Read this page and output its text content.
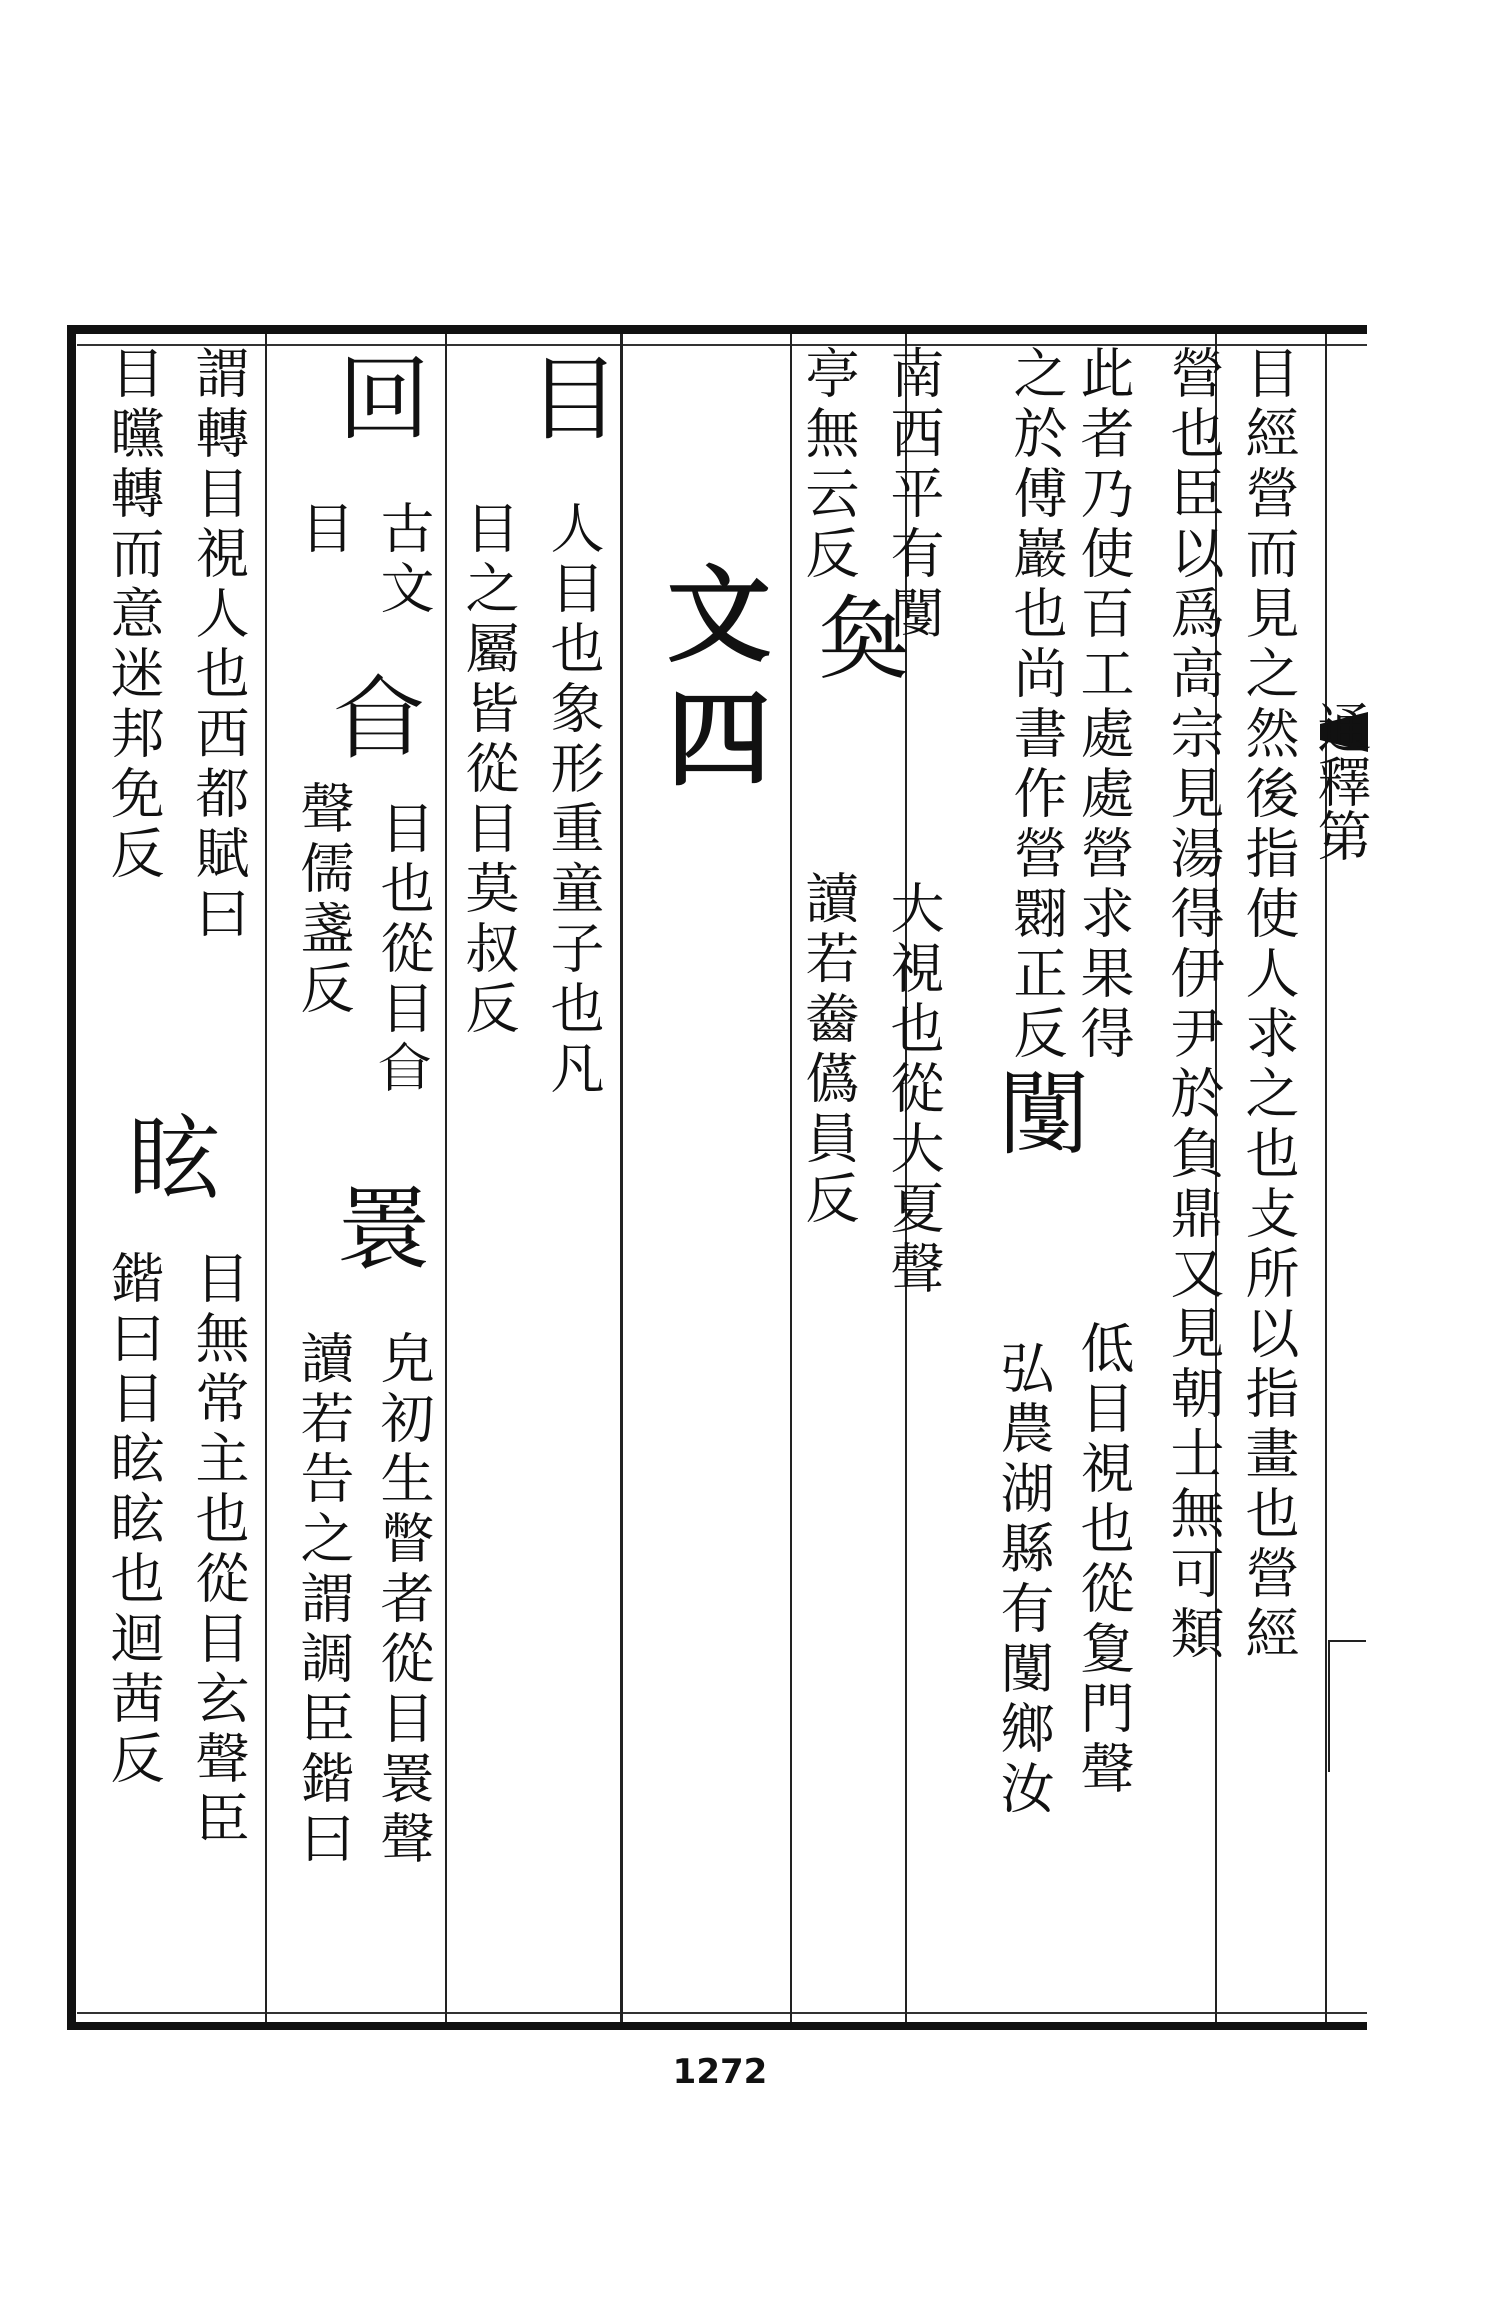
通釋第
目經營而見之然後指使人求之也攴所以指畫也營經
營也臣以爲高宗見湯得伊尹於負鼎又見朝士無可類
此者乃使百工處處營求果得
之於傅巖也尚書作營翾正反闅
低目視也從夐門聲
弘農湖縣有闅鄉汝
南西平有闅
大視也從大夏聲
奐
亭無云反
讀若齤儰員反
文四
目
人目也象形重童子也凡
目之屬皆從目莫叔反
回
古文
目
𥃦
目也從目𥃦
聲儒盞反
瞏
皃初生瞥者從目瞏聲
讀若告之謂調臣鍇曰
謂轉目視人也西都賦曰
眩
目無常主也從目玄聲臣
目矘轉而意迷邦免反
鍇曰目眩眩也迴茜反
1272
